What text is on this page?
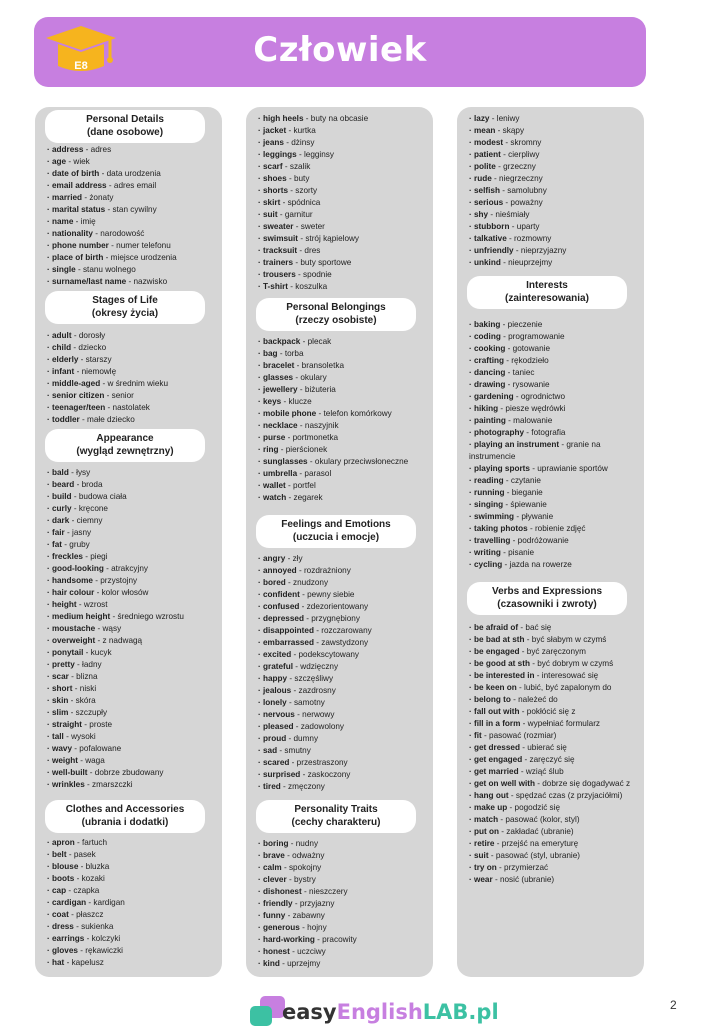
Człowiek
E8
Personal Details
(dane osobowe)
· address - adres
· age - wiek
· date of birth - data urodzenia
· email address - adres email
· married - żonaty
· marital status - stan cywilny
· name - imię
· nationality - narodowość
· phone number - numer telefonu
· place of birth - miejsce urodzenia
· single - stanu wolnego
· surname/last name - nazwisko
Stages of Life
(okresy życia)
· adult - dorosły
· child - dziecko
· elderly - starszy
· infant - niemowlę
· middle-aged - w średnim wieku
· senior citizen - senior
· teenager/teen - nastolatek
· toddler - małe dziecko
Appearance
(wygląd zewnętrzny)
· bald - łysy
· beard - broda
· build - budowa ciała
· curly - kręcone
· dark - ciemny
· fair - jasny
· fat - gruby
· freckles - piegi
· good-looking - atrakcyjny
· handsome - przystojny
· hair colour - kolor włosów
· height - wzrost
· medium height - średniego wzrostu
· moustache - wąsy
· overweight - z nadwagą
· ponytail - kucyk
· pretty - ładny
· scar - blizna
· short - niski
· skin - skóra
· slim - szczupły
· straight - proste
· tall - wysoki
· wavy - pofalowane
· weight - waga
· well-built - dobrze zbudowany
· wrinkles - zmarszczki
Clothes and Accessories
(ubrania i dodatki)
· apron - fartuch
· belt - pasek
· blouse - bluzka
· boots - kozaki
· cap - czapka
· cardigan - kardigan
· coat - płaszcz
· dress - sukienka
· earrings - kolczyki
· gloves - rękawiczki
· hat - kapelusz
· high heels - buty na obcasie
· jacket - kurtka
· jeans - dżinsy
· leggings - legginsy
· scarf - szalik
· shoes - buty
· shorts - szorty
· skirt - spódnica
· suit - garnitur
· sweater - sweter
· swimsuit - strój kąpielowy
· tracksuit - dres
· trainers - buty sportowe
· trousers - spodnie
· T-shirt - koszulka
Personal Belongings
(rzeczy osobiste)
· backpack - plecak
· bag - torba
· bracelet - bransoletka
· glasses - okulary
· jewellery - biżuteria
· keys - klucze
· mobile phone - telefon komórkowy
· necklace - naszyjnik
· purse - portmonetka
· ring - pierścionek
· sunglasses - okulary przeciwsłoneczne
· umbrella - parasol
· wallet - portfel
· watch - zegarek
Feelings and Emotions
(uczucia i emocje)
· angry - zły
· annoyed - rozdrażniony
· bored - znudzony
· confident - pewny siebie
· confused - zdezorientowany
· depressed - przygnębiony
· disappointed - rozczarowany
· embarrassed - zawstydzony
· excited - podekscytowany
· grateful - wdzięczny
· happy - szczęśliwy
· jealous - zazdrosny
· lonely - samotny
· nervous - nerwowy
· pleased - zadowolony
· proud - dumny
· sad - smutny
· scared - przestraszony
· surprised - zaskoczony
· tired - zmęczony
Personality Traits
(cechy charakteru)
· boring - nudny
· brave - odważny
· calm - spokojny
· clever - bystry
· dishonest - nieszczery
· friendly - przyjazny
· funny - zabawny
· generous - hojny
· hard-working - pracowity
· honest - uczciwy
· kind - uprzejmy
· lazy - leniwy
· mean - skąpy
· modest - skromny
· patient - cierpliwy
· polite - grzeczny
· rude - niegrzeczny
· selfish - samolubny
· serious - poważny
· shy - nieśmiały
· stubborn - uparty
· talkative - rozmowny
· unfriendly - nieprzyjazny
· unkind - nieuprzejmy
Interests
(zainteresowania)
· baking - pieczenie
· coding - programowanie
· cooking - gotowanie
· crafting - rękodzieło
· dancing - taniec
· drawing - rysowanie
· gardening - ogrodnictwo
· hiking - piesze wędrówki
· painting - malowanie
· photography - fotografia
· playing an instrument - granie na instrumencie
· playing sports - uprawianie sportów
· reading - czytanie
· running - bieganie
· singing - śpiewanie
· swimming - pływanie
· taking photos - robienie zdjęć
· travelling - podróżowanie
· writing - pisanie
· cycling - jazda na rowerze
Verbs and Expressions
(czasowniki i zwroty)
· be afraid of - bać się
· be bad at sth - być słabym w czymś
· be engaged - być zaręczonym
· be good at sth - być dobrym w czymś
· be interested in - interesować się
· be keen on - lubić, być zapalonym do
· belong to - należeć do
· fall out with - pokłócić się z
· fill in a form - wypełniać formularz
· fit - pasować (rozmiar)
· get dressed - ubierać się
· get engaged - zaręczyć się
· get married - wziąć ślub
· get on well with - dobrze się dogadywać z
· hang out - spędzać czas (z przyjaciółmi)
· make up - pogodzić się
· match - pasować (kolor, styl)
· put on - zakładać (ubranie)
· retire - przejść na emeryturę
· suit - pasować (styl, ubranie)
· try on - przymierzać
· wear - nosić (ubranie)
easyEnglishLAB.pl	2
